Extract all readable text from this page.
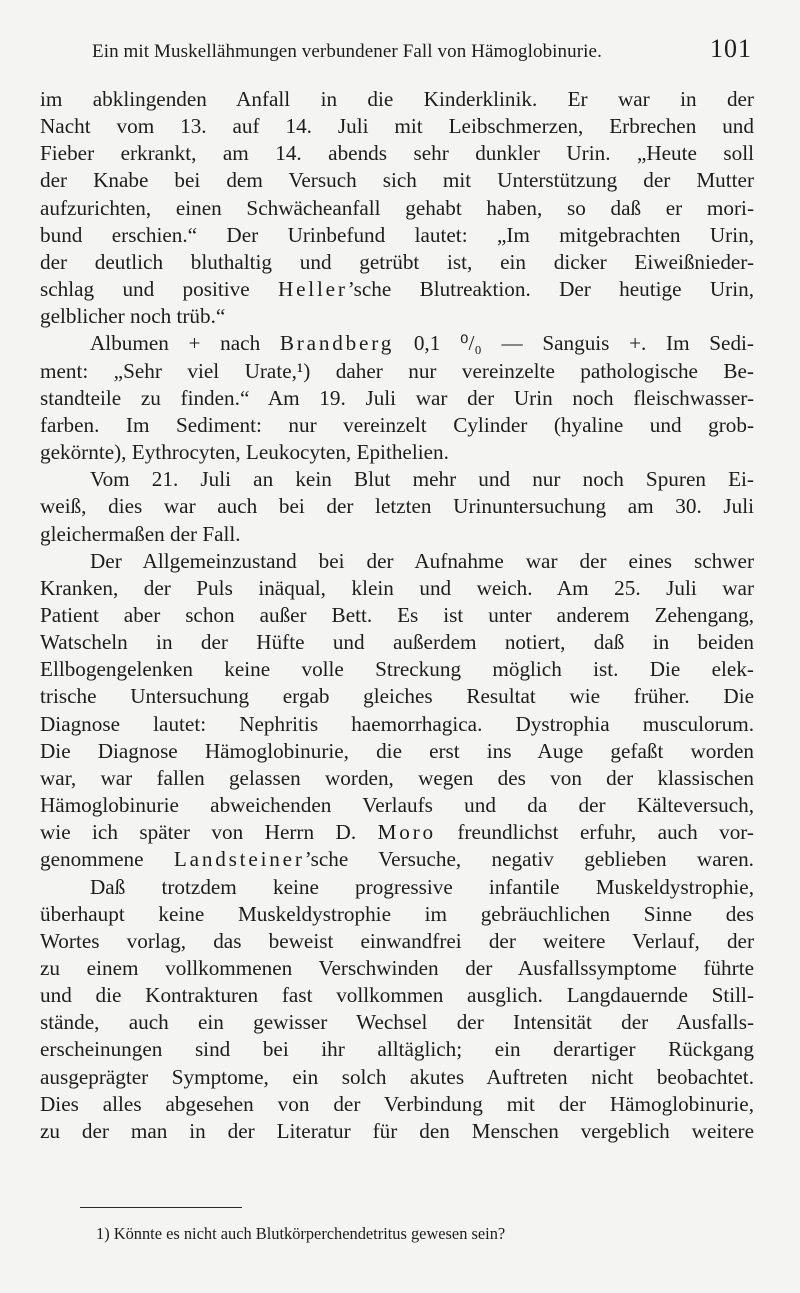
Ein mit Muskellähmungen verbundener Fall von Hämoglobinurie.	101
im abklingenden Anfall in die Kinderklinik. Er war in der
Nacht vom 13. auf 14. Juli mit Leibschmerzen, Erbrechen und
Fieber erkrankt, am 14. abends sehr dunkler Urin. „Heute soll
der Knabe bei dem Versuch sich mit Unterstützung der Mutter
aufzurichten, einen Schwächeanfall gehabt haben, so daß er mori-
bund erschien.“ Der Urinbefund lautet: „Im mitgebrachten Urin,
der deutlich bluthaltig und getrübt ist, ein dicker Eiweißnieder-
schlag und positive Heller’sche Blutreaktion. Der heutige Urin,
gelblicher noch trüb.“
Albumen + nach Brandberg 0,1 ⁰/₀ — Sanguis +. Im Sedi-
ment: „Sehr viel Urate,¹) daher nur vereinzelte pathologische Be-
standteile zu finden.“ Am 19. Juli war der Urin noch fleischwasser-
farben. Im Sediment: nur vereinzelt Cylinder (hyaline und grob-
gekörnte), Eythrocyten, Leukocyten, Epithelien.
Vom 21. Juli an kein Blut mehr und nur noch Spuren Ei-
weiß, dies war auch bei der letzten Urinuntersuchung am 30. Juli
gleichermaßen der Fall.
Der Allgemeinzustand bei der Aufnahme war der eines schwer
Kranken, der Puls inäqual, klein und weich. Am 25. Juli war
Patient aber schon außer Bett. Es ist unter anderem Zehengang,
Watscheln in der Hüfte und außerdem notiert, daß in beiden
Ellbogengelenken keine volle Streckung möglich ist. Die elek-
trische Untersuchung ergab gleiches Resultat wie früher. Die
Diagnose lautet: Nephritis haemorrhagica. Dystrophia musculorum.
Die Diagnose Hämoglobinurie, die erst ins Auge gefaßt worden
war, war fallen gelassen worden, wegen des von der klassischen
Hämoglobinurie abweichenden Verlaufs und da der Kälteversuch,
wie ich später von Herrn D. Moro freundlichst erfuhr, auch vor-
genommene Landsteiner’sche Versuche, negativ geblieben waren.
Daß trotzdem keine progressive infantile Muskeldystrophie,
überhaupt keine Muskeldystrophie im gebräuchlichen Sinne des
Wortes vorlag, das beweist einwandfrei der weitere Verlauf, der
zu einem vollkommenen Verschwinden der Ausfallssymptome führte
und die Kontrakturen fast vollkommen ausglich. Langdauernde Still-
stände, auch ein gewisser Wechsel der Intensität der Ausfalls-
erscheinungen sind bei ihr alltäglich; ein derartiger Rückgang
ausgeprägter Symptome, ein solch akutes Auftreten nicht beobachtet.
Dies alles abgesehen von der Verbindung mit der Hämoglobinurie,
zu der man in der Literatur für den Menschen vergeblich weitere
1) Könnte es nicht auch Blutkörperchendetritus gewesen sein?
